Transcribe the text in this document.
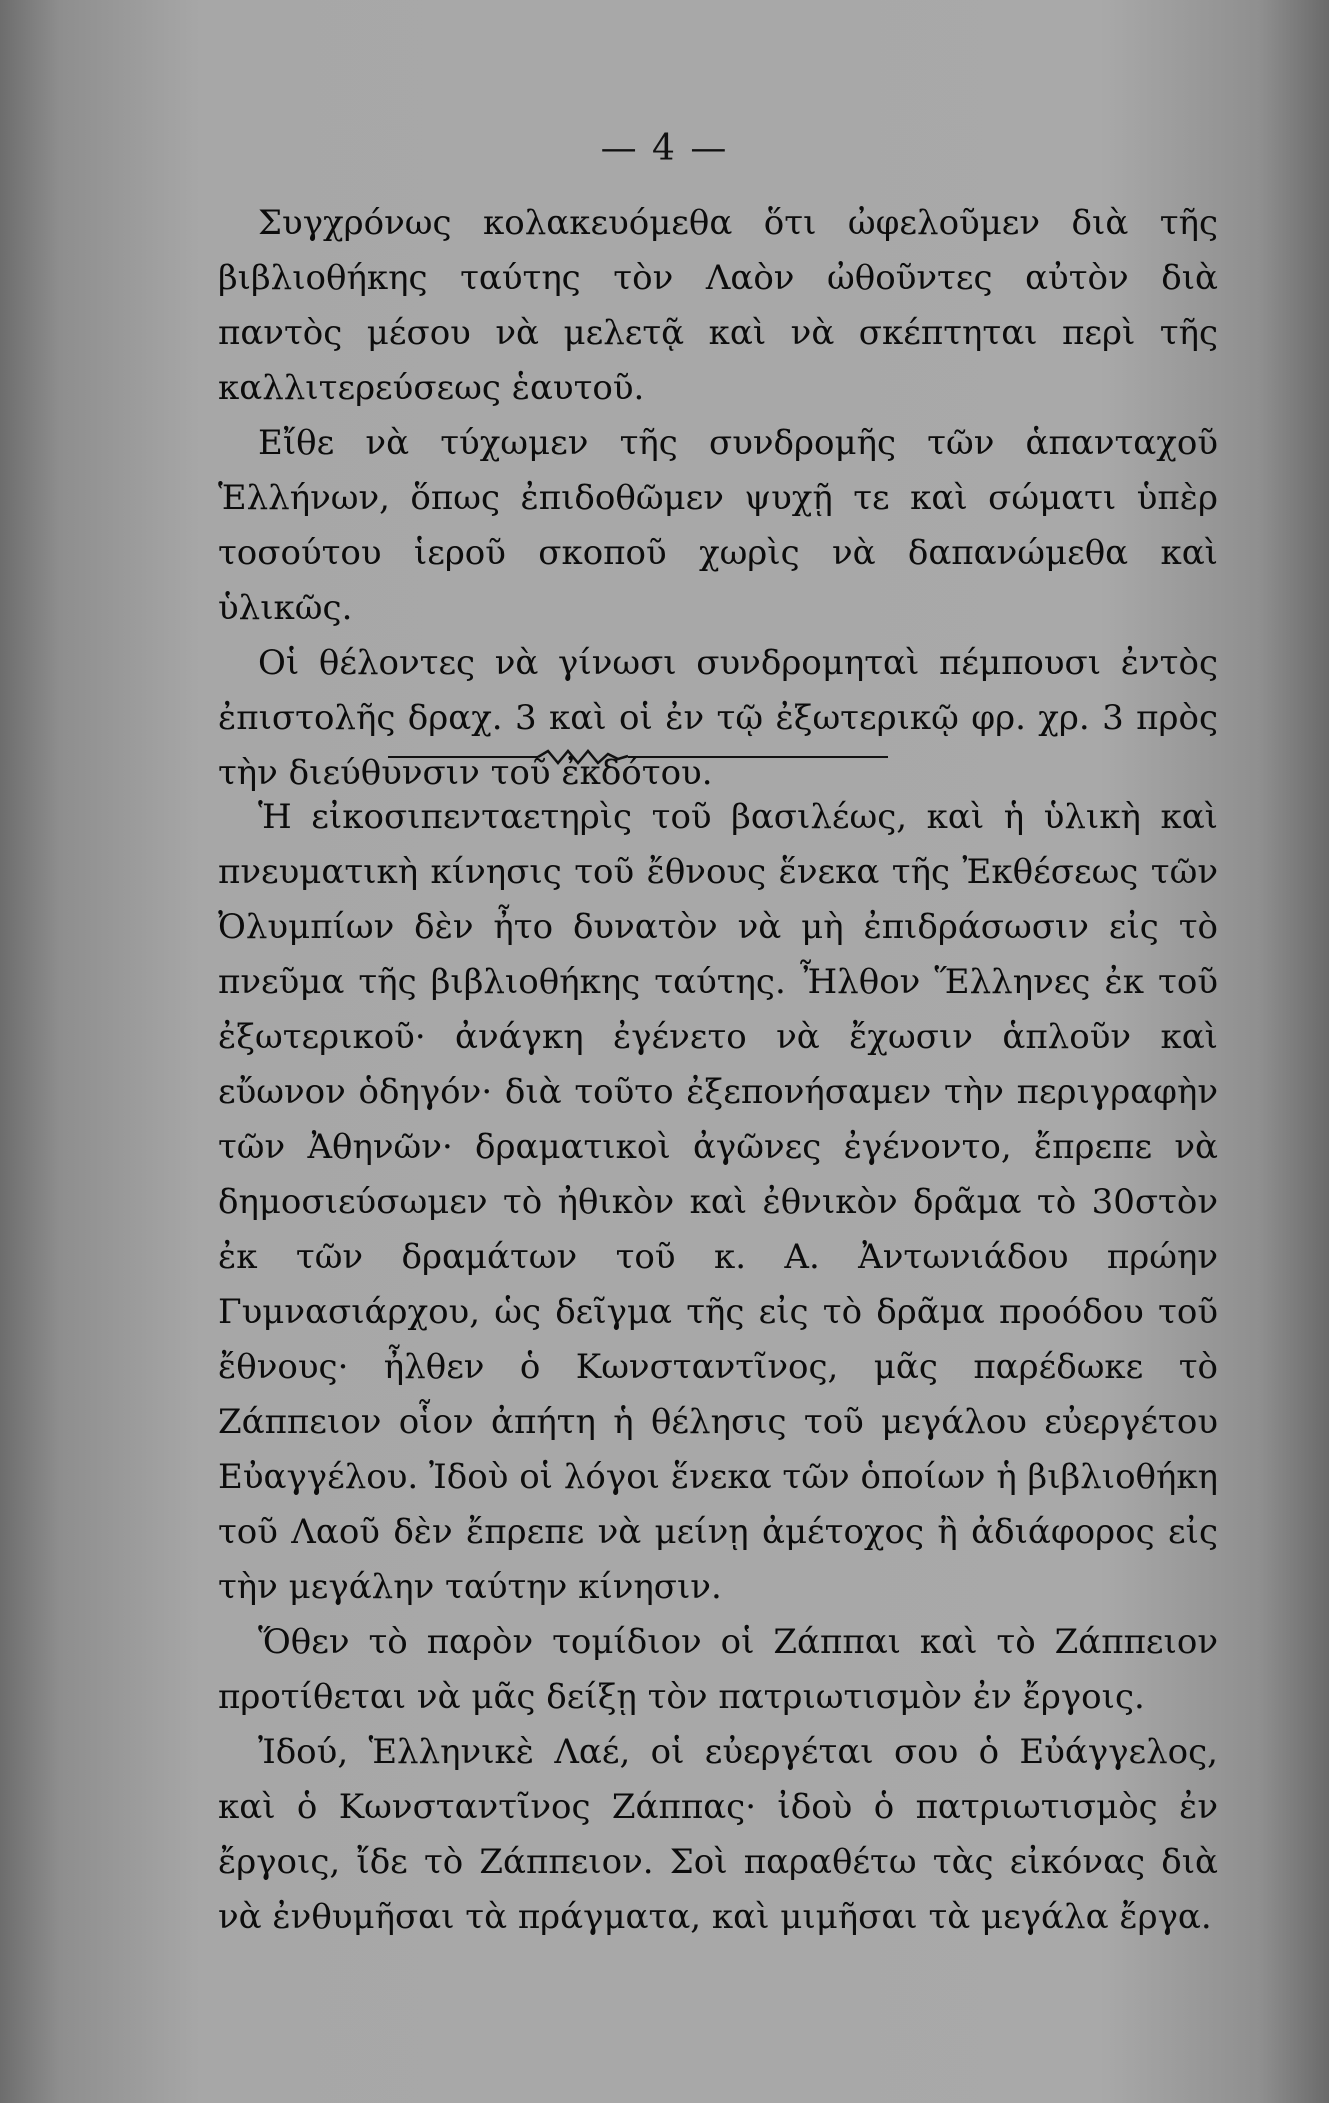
— 4 —

Συγχρόνως κολακευόμεθα ὅτι ὠφελοῦμεν διὰ τῆς βιβλιοθήκης ταύτης τὸν Λαὸν ὠθοῦντες αὐτὸν διὰ παντὸς μέσου νὰ μελετᾷ καὶ νὰ σκέπτηται περὶ τῆς καλλιτερεύσεως ἑαυτοῦ.

Εἴθε νὰ τύχωμεν τῆς συνδρομῆς τῶν ἁπανταχοῦ Ἑλλήνων, ὅπως ἐπιδοθῶμεν ψυχῇ τε καὶ σώματι ὑπὲρ τοσούτου ἱεροῦ σκοποῦ χωρὶς νὰ δαπανώμεθα καὶ ὑλικῶς.

Οἱ θέλοντες νὰ γίνωσι συνδρομηταὶ πέμπουσι ἐντὸς ἐπιστολῆς δραχ. 3 καὶ οἱ ἐν τῷ ἐξωτερικῷ φρ. χρ. 3 πρὸς τὴν διεύθυνσιν τοῦ ἐκδότου.

Ἡ εἰκοσιπενταετηρὶς τοῦ βασιλέως, καὶ ἡ ὑλικὴ καὶ πνευματικὴ κίνησις τοῦ ἔθνους ἕνεκα τῆς Ἐκθέσεως τῶν Ὀλυμπίων δὲν ἦτο δυνατὸν νὰ μὴ ἐπιδράσωσιν εἰς τὸ πνεῦμα τῆς βιβλιοθήκης ταύτης. Ἦλθον Ἕλληνες ἐκ τοῦ ἐξωτερικοῦ· ἀνάγκη ἐγένετο νὰ ἔχωσιν ἁπλοῦν καὶ εὔωνον ὁδηγόν· διὰ τοῦτο ἐξεπονήσαμεν τὴν περιγραφὴν τῶν Ἀθηνῶν· δραματικοὶ ἀγῶνες ἐγένοντο, ἔπρεπε νὰ δημοσιεύσωμεν τὸ ἠθικὸν καὶ ἐθνικὸν δρᾶμα τὸ 30στὸν ἐκ τῶν δραμάτων τοῦ κ. Α. Ἀντωνιάδου πρώην Γυμνασιάρχου, ὡς δεῖγμα τῆς εἰς τὸ δρᾶμα προόδου τοῦ ἔθνους· ἦλθεν ὁ Κωνσταντῖνος, μᾶς παρέδωκε τὸ Ζάππειον οἷον ἀπήτη ἡ θέλησις τοῦ μεγάλου εὐεργέτου Εὐαγγέλου. Ἰδοὺ οἱ λόγοι ἕνεκα τῶν ὁποίων ἡ βιβλιοθήκη τοῦ Λαοῦ δὲν ἔπρεπε νὰ μείνῃ ἀμέτοχος ἢ ἀδιάφορος εἰς τὴν μεγάλην ταύτην κίνησιν.

Ὅθεν τὸ παρὸν τομίδιον οἱ Ζάππαι καὶ τὸ Ζάππειον προτίθεται νὰ μᾶς δείξῃ τὸν πατριωτισμὸν ἐν ἔργοις.

Ἰδού, Ἑλληνικὲ Λαέ, οἱ εὐεργέται σου ὁ Εὐάγγελος, καὶ ὁ Κωνσταντῖνος Ζάππας· ἰδοὺ ὁ πατριωτισμὸς ἐν ἔργοις, ἴδε τὸ Ζάππειον. Σοὶ παραθέτω τὰς εἰκόνας διὰ νὰ ἐνθυμῆσαι τὰ πράγματα, καὶ μιμῆσαι τὰ μεγάλα ἔργα.
